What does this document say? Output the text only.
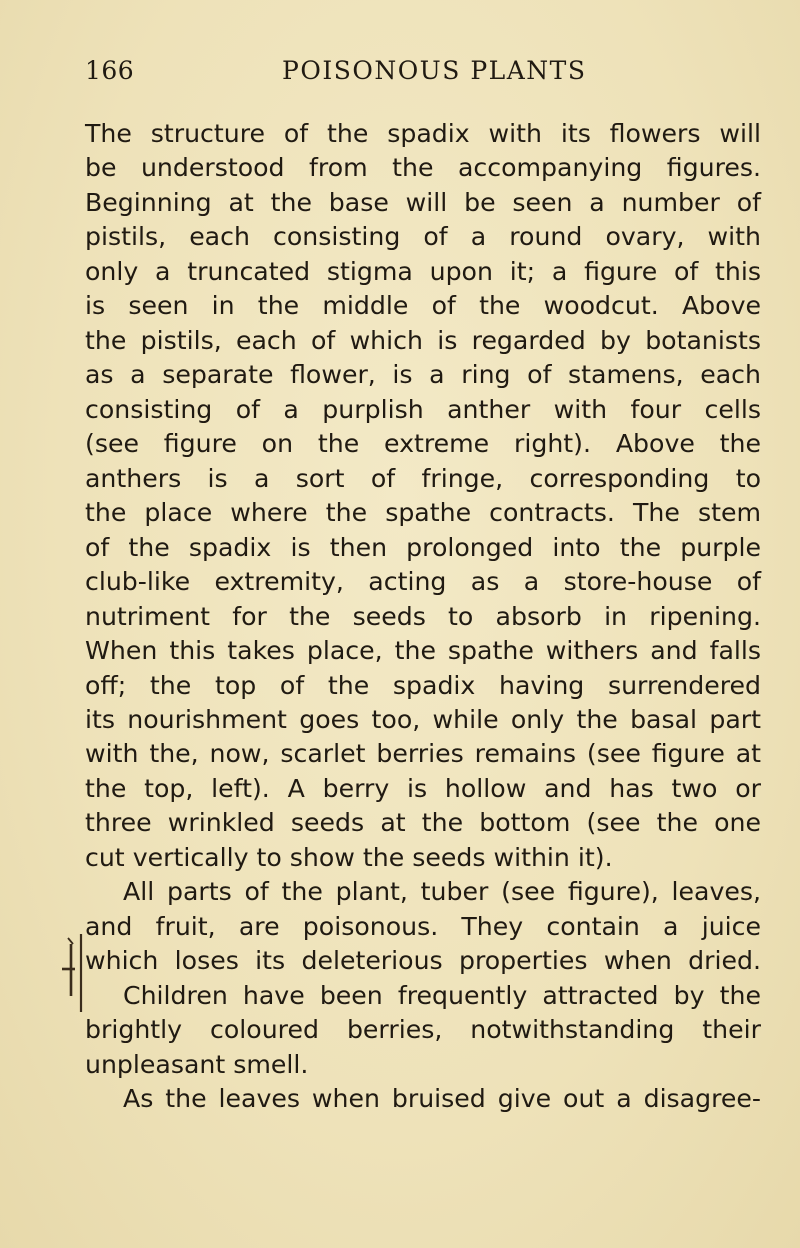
166	POISONOUS PLANTS
The structure of the spadix with its flowers will
be understood from the accompanying figures.
Beginning at the base will be seen a number of
pistils, each consisting of a round ovary, with
only a truncated stigma upon it; a figure of this
is seen in the middle of the woodcut. Above
the pistils, each of which is regarded by botanists
as a separate flower, is a ring of stamens, each
consisting of a purplish anther with four cells
(see figure on the extreme right). Above the
anthers is a sort of fringe, corresponding to
the place where the spathe contracts. The stem
of the spadix is then prolonged into the purple
club-like extremity, acting as a store-house of
nutriment for the seeds to absorb in ripening.
When this takes place, the spathe withers and falls
off; the top of the spadix having surrendered
its nourishment goes too, while only the basal part
with the, now, scarlet berries remains (see figure at
the top, left). A berry is hollow and has two or
three wrinkled seeds at the bottom (see the one
cut vertically to show the seeds within it).
All parts of the plant, tuber (see figure), leaves,
and fruit, are poisonous. They contain a juice
which loses its deleterious properties when dried.
Children have been frequently attracted by the
brightly coloured berries, notwithstanding their
unpleasant smell.
As the leaves when bruised give out a disagree-
